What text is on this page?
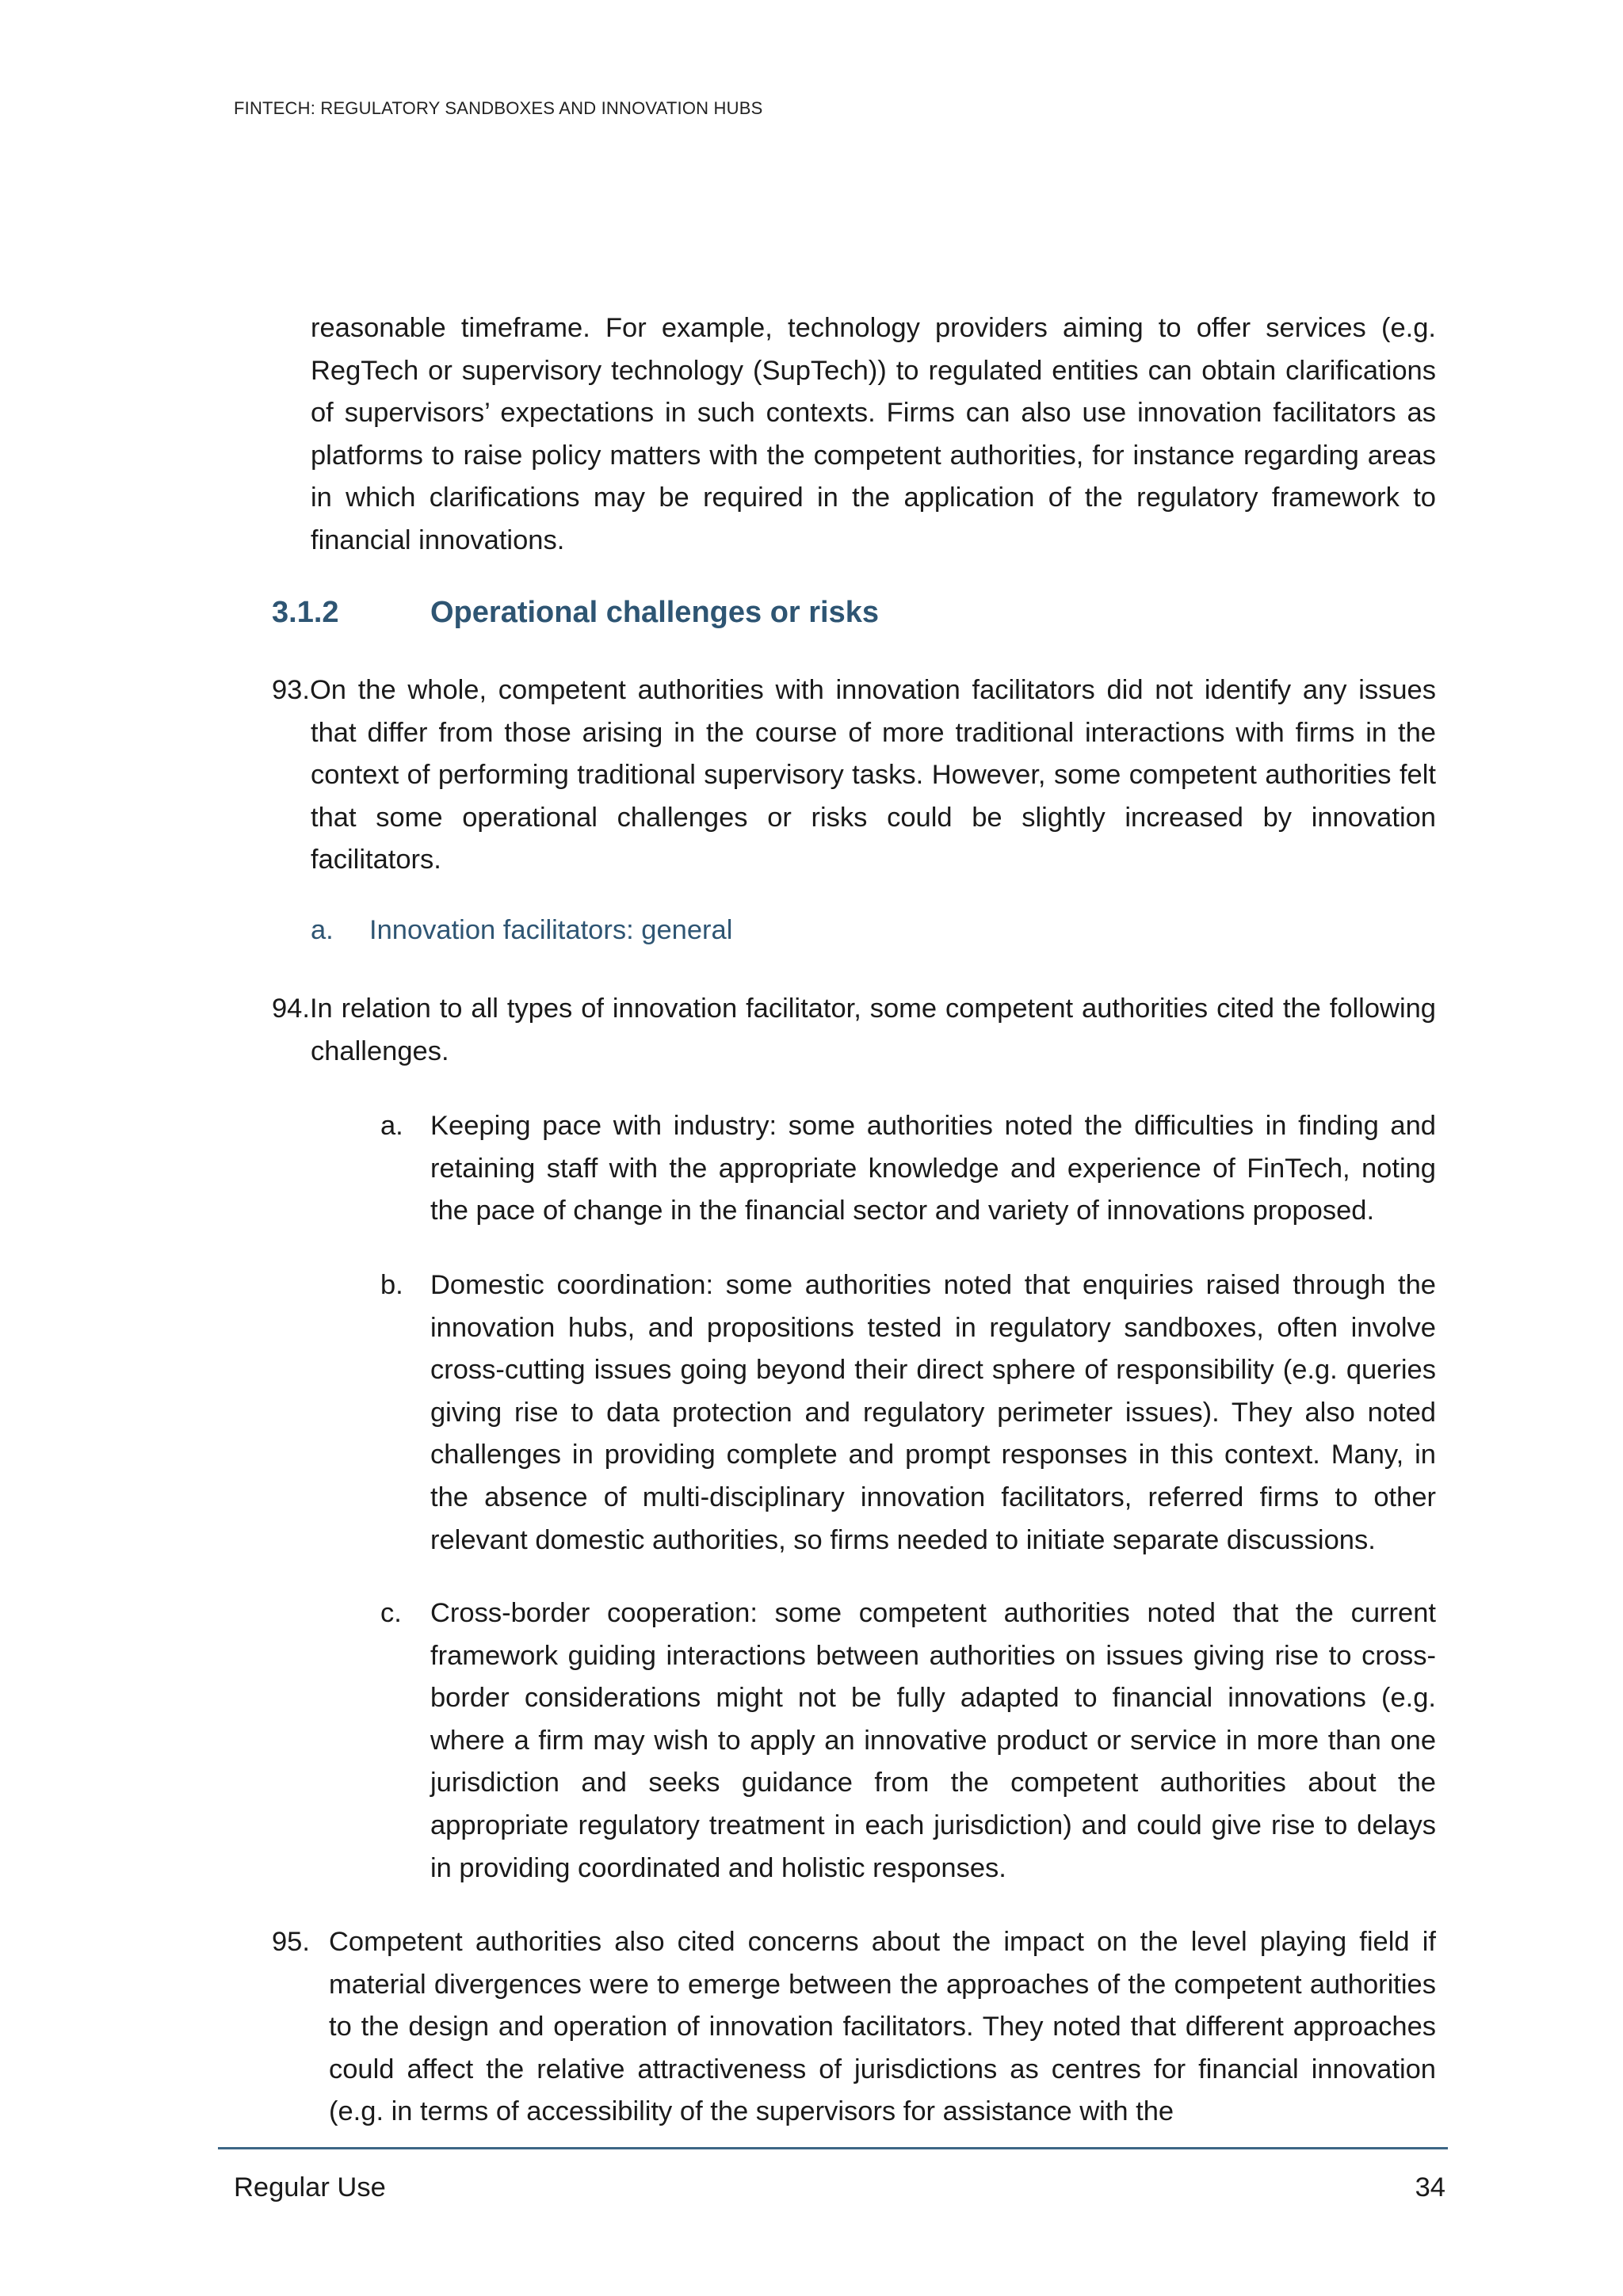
FINTECH: REGULATORY SANDBOXES AND INNOVATION HUBS
reasonable timeframe. For example, technology providers aiming to offer services (e.g. RegTech or supervisory technology (SupTech)) to regulated entities can obtain clarifications of supervisors’ expectations in such contexts. Firms can also use innovation facilitators as platforms to raise policy matters with the competent authorities, for instance regarding areas in which clarifications may be required in the application of the regulatory framework to financial innovations.
3.1.2	Operational challenges or risks
93.On the whole, competent authorities with innovation facilitators did not identify any issues that differ from those arising in the course of more traditional interactions with firms in the context of performing traditional supervisory tasks. However, some competent authorities felt that some operational challenges or risks could be slightly increased by innovation facilitators.
a. Innovation facilitators: general
94.In relation to all types of innovation facilitator, some competent authorities cited the following challenges.
a. Keeping pace with industry: some authorities noted the difficulties in finding and retaining staff with the appropriate knowledge and experience of FinTech, noting the pace of change in the financial sector and variety of innovations proposed.
b. Domestic coordination: some authorities noted that enquiries raised through the innovation hubs, and propositions tested in regulatory sandboxes, often involve cross-cutting issues going beyond their direct sphere of responsibility (e.g. queries giving rise to data protection and regulatory perimeter issues). They also noted challenges in providing complete and prompt responses in this context. Many, in the absence of multi-disciplinary innovation facilitators, referred firms to other relevant domestic authorities, so firms needed to initiate separate discussions.
c.	Cross-border cooperation: some competent authorities noted that the current framework guiding interactions between authorities on issues giving rise to cross-border considerations might not be fully adapted to financial innovations (e.g. where a firm may wish to apply an innovative product or service in more than one jurisdiction and seeks guidance from the competent authorities about the appropriate regulatory treatment in each jurisdiction) and could give rise to delays in providing coordinated and holistic responses.
95. Competent authorities also cited concerns about the impact on the level playing field if material divergences were to emerge between the approaches of the competent authorities to the design and operation of innovation facilitators. They noted that different approaches could affect the relative attractiveness of jurisdictions as centres for financial innovation (e.g. in terms of accessibility of the supervisors for assistance with the
Regular Use	34
